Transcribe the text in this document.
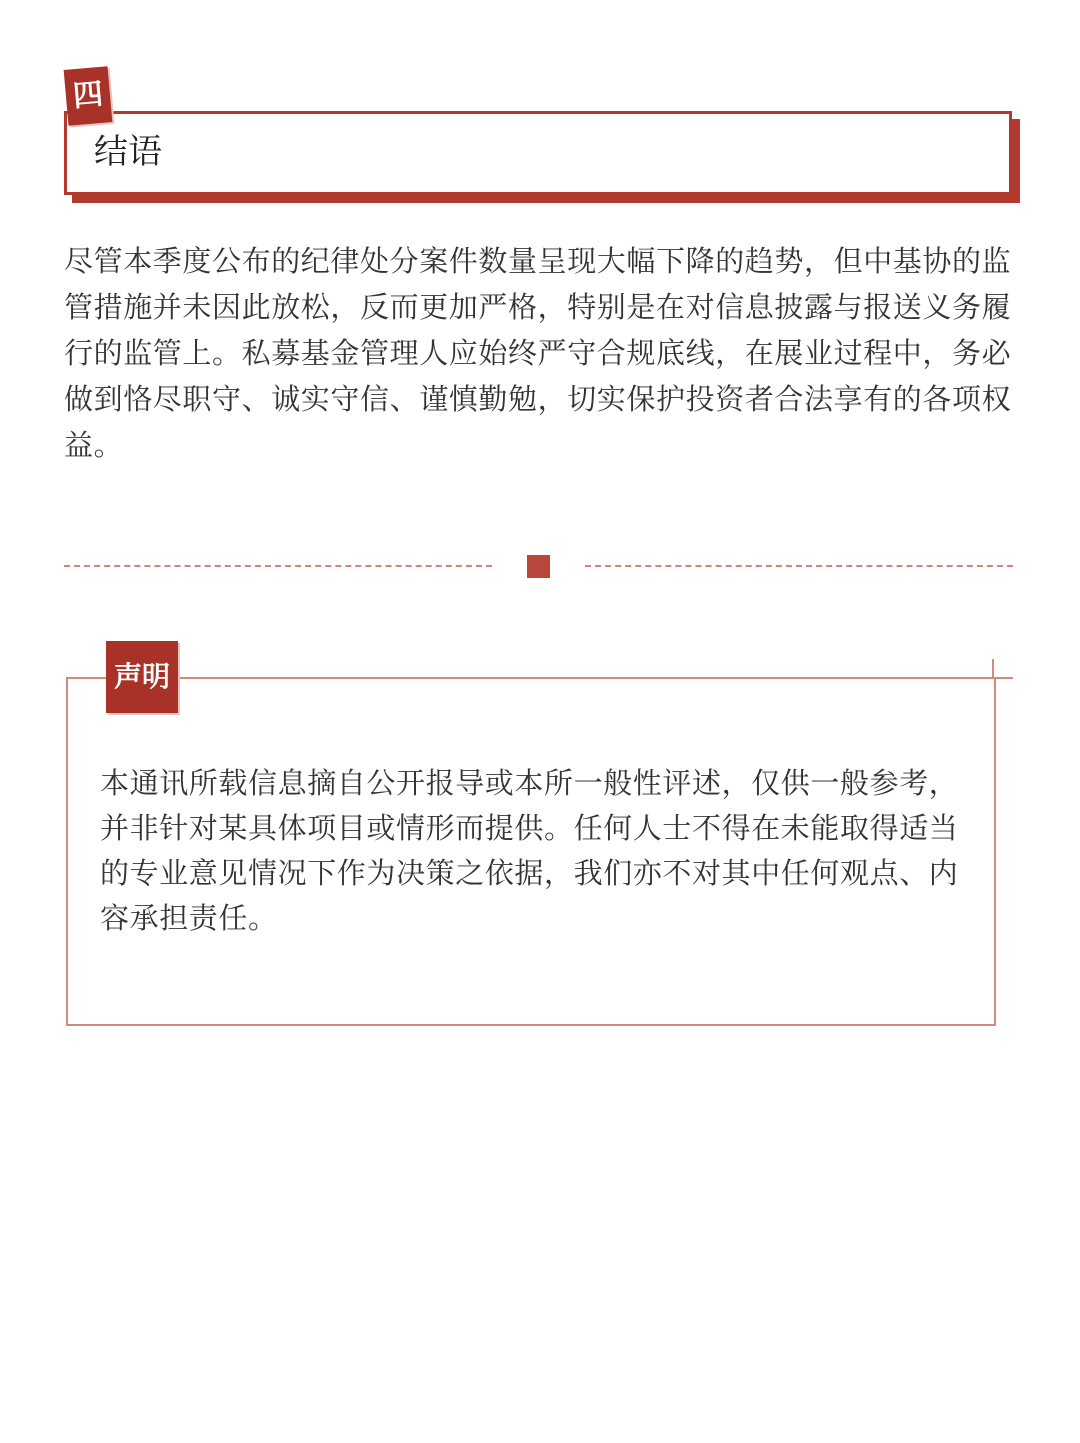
结语
四

尽管本季度公布的纪律处分案件数量呈现大幅下降的趋势，但中基协的监管措施并未因此放松，反而更加严格，特别是在对信息披露与报送义务履行的监管上。私募基金管理人应始终严守合规底线，在展业过程中，务必做到恪尽职守、诚实守信、谨慎勤勉，切实保护投资者合法享有的各项权益。

声明

本通讯所载信息摘自公开报导或本所一般性评述，仅供一般参考，并非针对某具体项目或情形而提供。任何人士不得在未能取得适当的专业意见情况下作为决策之依据，我们亦不对其中任何观点、内容承担责任。
